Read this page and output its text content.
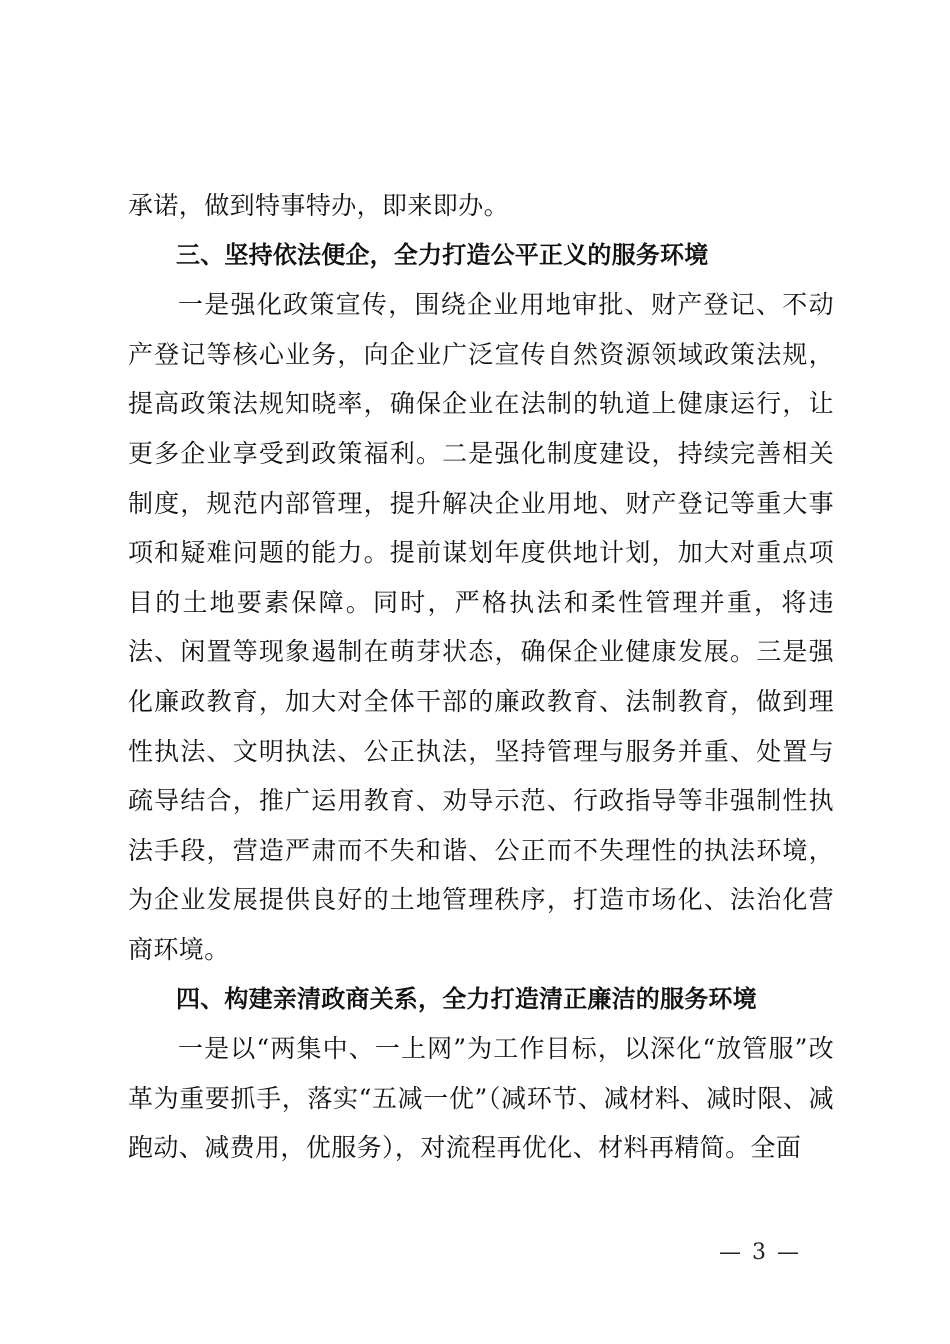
承诺，做到特事特办，即来即办。

三、坚持依法便企，全力打造公平正义的服务环境

一是强化政策宣传，围绕企业用地审批、财产登记、不动产登记等核心业务，向企业广泛宣传自然资源领域政策法规，提高政策法规知晓率，确保企业在法制的轨道上健康运行，让更多企业享受到政策福利。二是强化制度建设，持续完善相关制度，规范内部管理，提升解决企业用地、财产登记等重大事项和疑难问题的能力。提前谋划年度供地计划，加大对重点项目的土地要素保障。同时，严格执法和柔性管理并重，将违法、闲置等现象遏制在萌芽状态，确保企业健康发展。三是强化廉政教育，加大对全体干部的廉政教育、法制教育，做到理性执法、文明执法、公正执法，坚持管理与服务并重、处置与疏导结合，推广运用教育、劝导示范、行政指导等非强制性执法手段，营造严肃而不失和谐、公正而不失理性的执法环境，为企业发展提供良好的土地管理秩序，打造市场化、法治化营商环境。

四、构建亲清政商关系，全力打造清正廉洁的服务环境

一是以“两集中、一上网”为工作目标，以深化“放管服”改革为重要抓手，落实“五减一优”（减环节、减材料、减时限、减跑动、减费用，优服务），对流程再优化、材料再精简。全面

— 3 —
